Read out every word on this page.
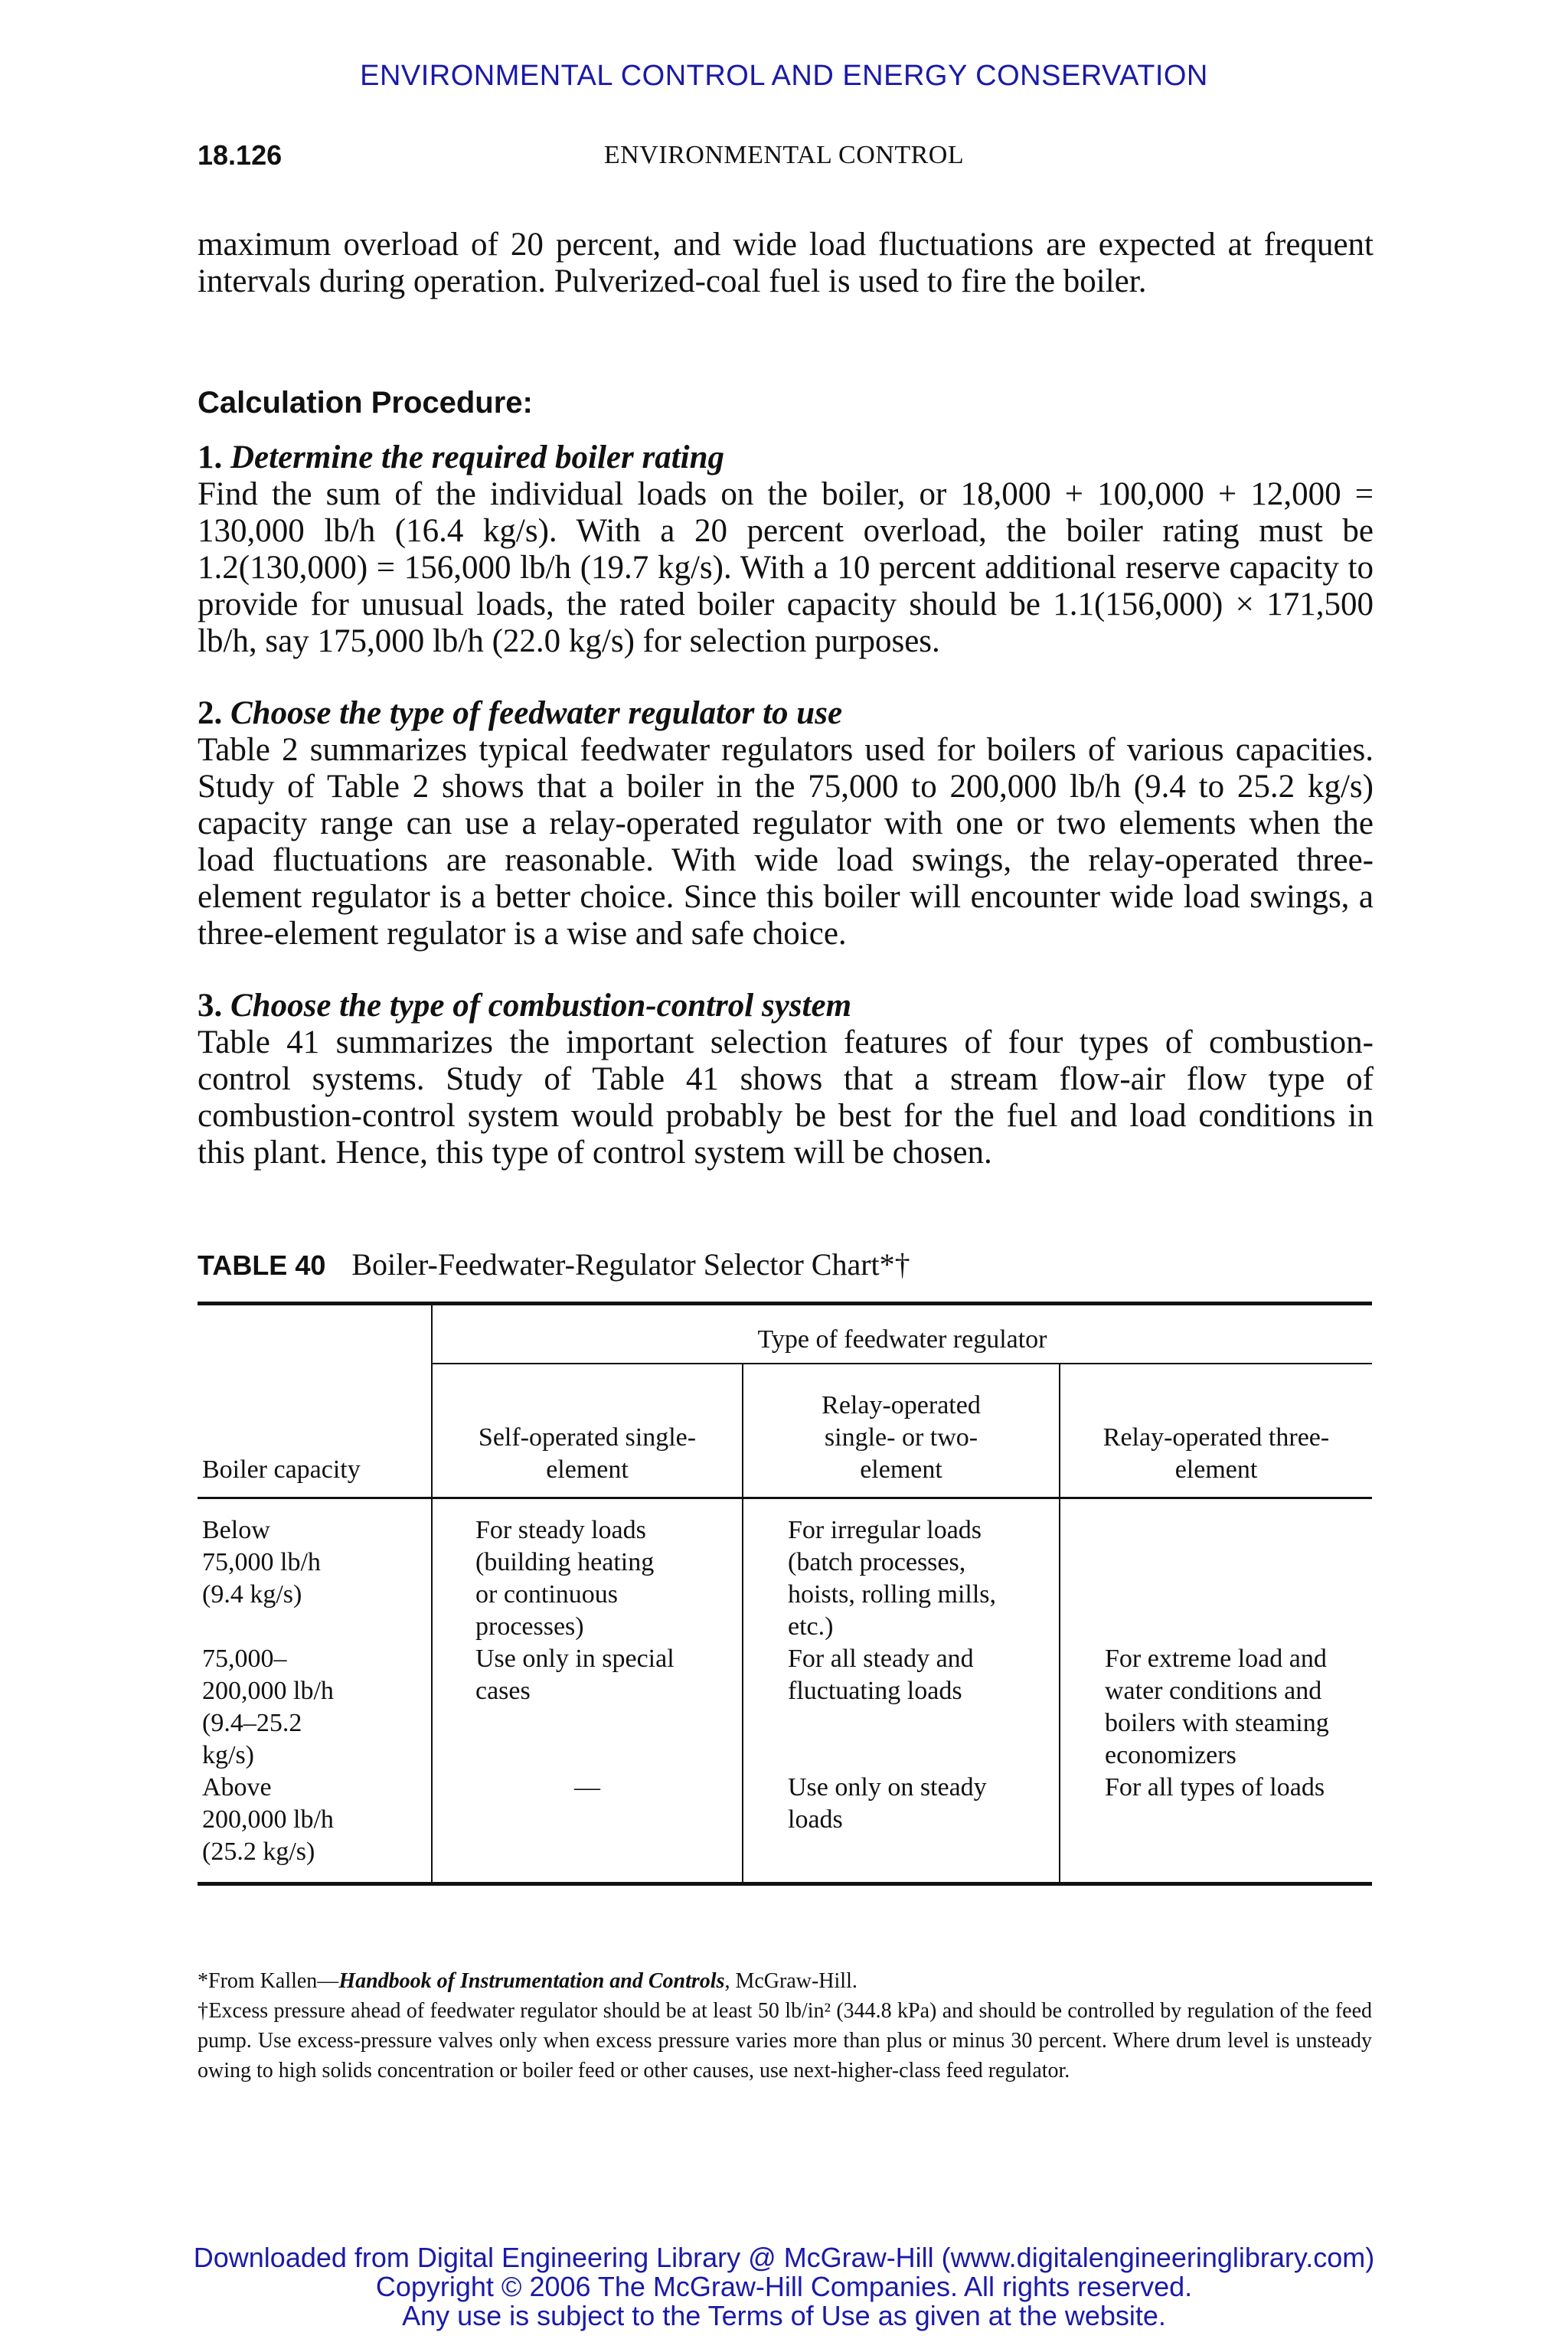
ENVIRONMENTAL CONTROL AND ENERGY CONSERVATION
18.126	ENVIRONMENTAL CONTROL

maximum overload of 20 percent, and wide load fluctuations are expected at frequent intervals during operation. Pulverized-coal fuel is used to fire the boiler.

Calculation Procedure:

1. Determine the required boiler rating

Find the sum of the individual loads on the boiler, or 18,000 + 100,000 + 12,000 = 130,000 lb/h (16.4 kg/s). With a 20 percent overload, the boiler rating must be 1.2(130,000) = 156,000 lb/h (19.7 kg/s). With a 10 percent additional reserve capacity to provide for unusual loads, the rated boiler capacity should be 1.1(156,000) × 171,500 lb/h, say 175,000 lb/h (22.0 kg/s) for selection purposes.

2. Choose the type of feedwater regulator to use

Table 2 summarizes typical feedwater regulators used for boilers of various capacities. Study of Table 2 shows that a boiler in the 75,000 to 200,000 lb/h (9.4 to 25.2 kg/s) capacity range can use a relay-operated regulator with one or two elements when the load fluctuations are reasonable. With wide load swings, the relay-operated three-element regulator is a better choice. Since this boiler will encounter wide load swings, a three-element regulator is a wise and safe choice.

3. Choose the type of combustion-control system

Table 41 summarizes the important selection features of four types of combustion-control systems. Study of Table 41 shows that a stream flow-air flow type of combustion-control system would probably be best for the fuel and load conditions in this plant. Hence, this type of control system will be chosen.

TABLE 40 Boiler-Feedwater-Regulator Selector Chart*†
	Type of feedwater regulator		
Boiler capacity	Self-operated single-element	Relay-operated single- or two-element	Relay-operated three-element
Below 75,000 lb/h (9.4 kg/s)	For steady loads (building heating or continuous processes)	For irregular loads (batch processes, hoists, rolling mills, etc.)	
75,000–200,000 lb/h (9.4–25.2 kg/s)	Use only in special cases	For all steady and fluctuating loads	For extreme load and water conditions and boilers with steaming economizers
Above 200,000 lb/h (25.2 kg/s)	—	Use only on steady loads	For all types of loads

*From Kallen—Handbook of Instrumentation and Controls, McGraw-Hill.

†Excess pressure ahead of feedwater regulator should be at least 50 lb/in² (344.8 kPa) and should be controlled by regulation of the feed pump. Use excess-pressure valves only when excess pressure varies more than plus or minus 30 percent. Where drum level is unsteady owing to high solids concentration or boiler feed or other causes, use next-higher-class feed regulator.

Downloaded from Digital Engineering Library @ McGraw-Hill (www.digitalengineeringlibrary.com)
Copyright © 2006 The McGraw-Hill Companies. All rights reserved.
Any use is subject to the Terms of Use as given at the website.
